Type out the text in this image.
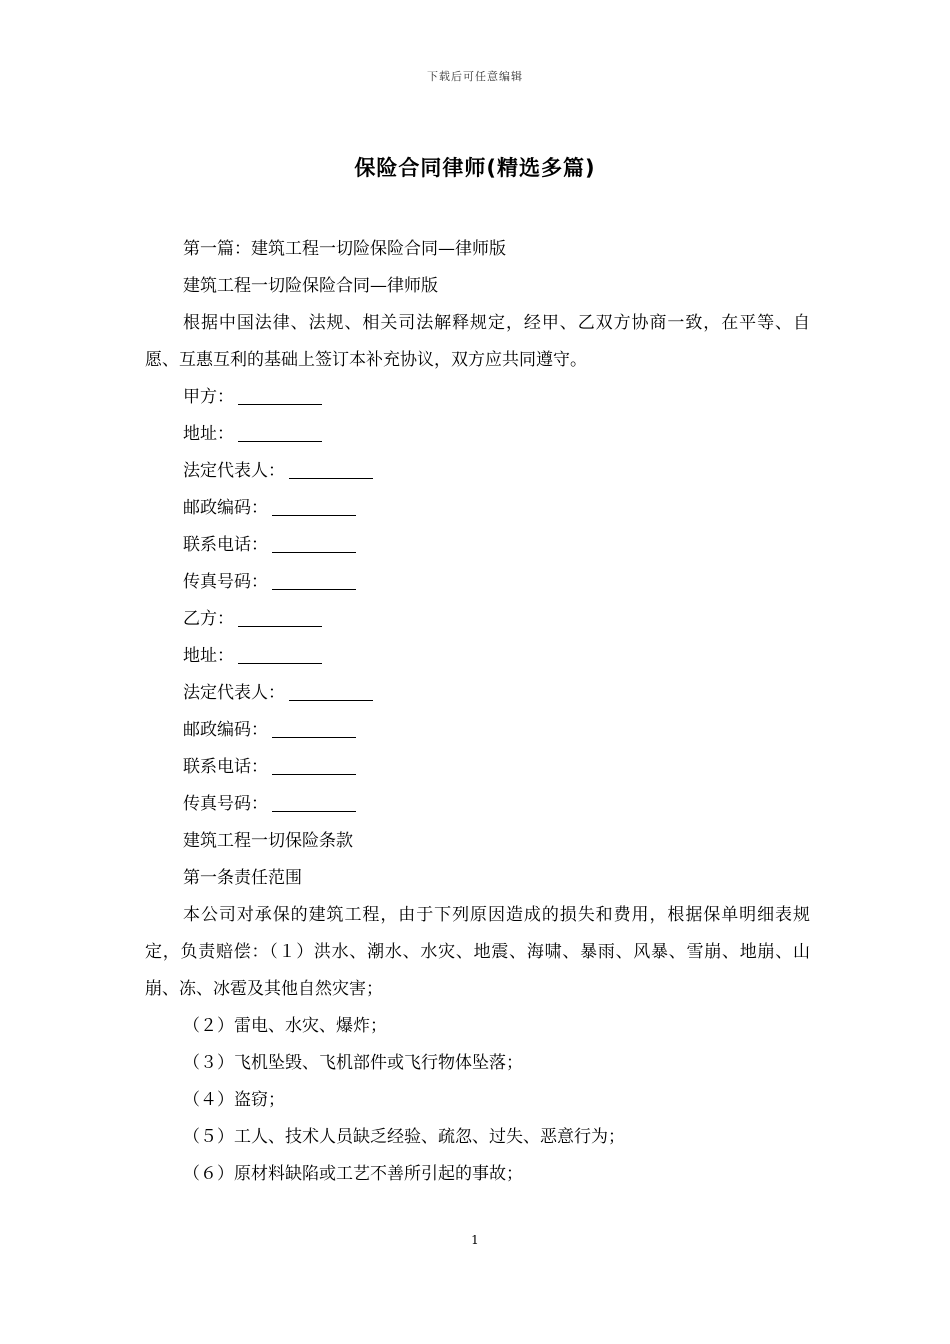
下载后可任意编辑
保险合同律师(精选多篇)

第一篇：建筑工程一切险保险合同—律师版

建筑工程一切险保险合同—律师版

根据中国法律、法规、相关司法解释规定，经甲、乙双方协商一致，在平等、自愿、互惠互利的基础上签订本补充协议，双方应共同遵守。

甲方：

地址：

法定代表人：

邮政编码：

联系电话：

传真号码：

乙方：

地址：

法定代表人：

邮政编码：

联系电话：

传真号码：

建筑工程一切保险条款

第一条责任范围

本公司对承保的建筑工程，由于下列原因造成的损失和费用，根据保单明细表规定，负责赔偿：（１）洪水、潮水、水灾、地震、海啸、暴雨、风暴、雪崩、地崩、山崩、冻、冰雹及其他自然灾害；

（２）雷电、水灾、爆炸；

（３）飞机坠毁、飞机部件或飞行物体坠落；

（４）盗窃；

（５）工人、技术人员缺乏经验、疏忽、过失、恶意行为；

（６）原材料缺陷或工艺不善所引起的事故；

1
